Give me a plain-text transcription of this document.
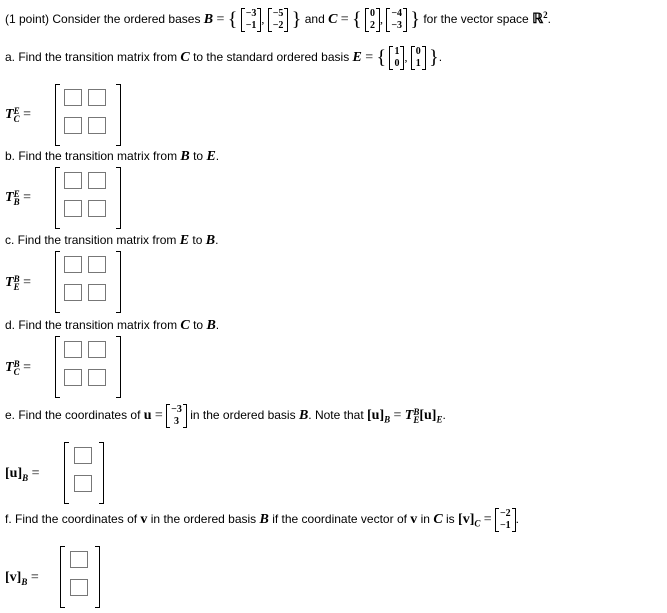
(1 point) Consider the ordered bases B = { −3
−1 , −5
−2 } and C = { 0
2 , −4
−3 } for the vector space ℝ$^2$.
a. Find the transition matrix from C to the standard ordered basis E = { 1
0 , 0
1 }.
TE
C =
b. Find the transition matrix from B to E.
TE
B =
c. Find the transition matrix from E to B.
TB
E =
d. Find the transition matrix from C to B.
TB
C =
e. Find the coordinates of u = −3
3 in the ordered basis B. Note that $[u]_B$ = TB
$E[u]_E$.
$[u]_B$ =
f. Find the coordinates of v in the ordered basis B if the coordinate vector of v in C is $[v]_C = -2$
−1 .
$[v]_B$ =
